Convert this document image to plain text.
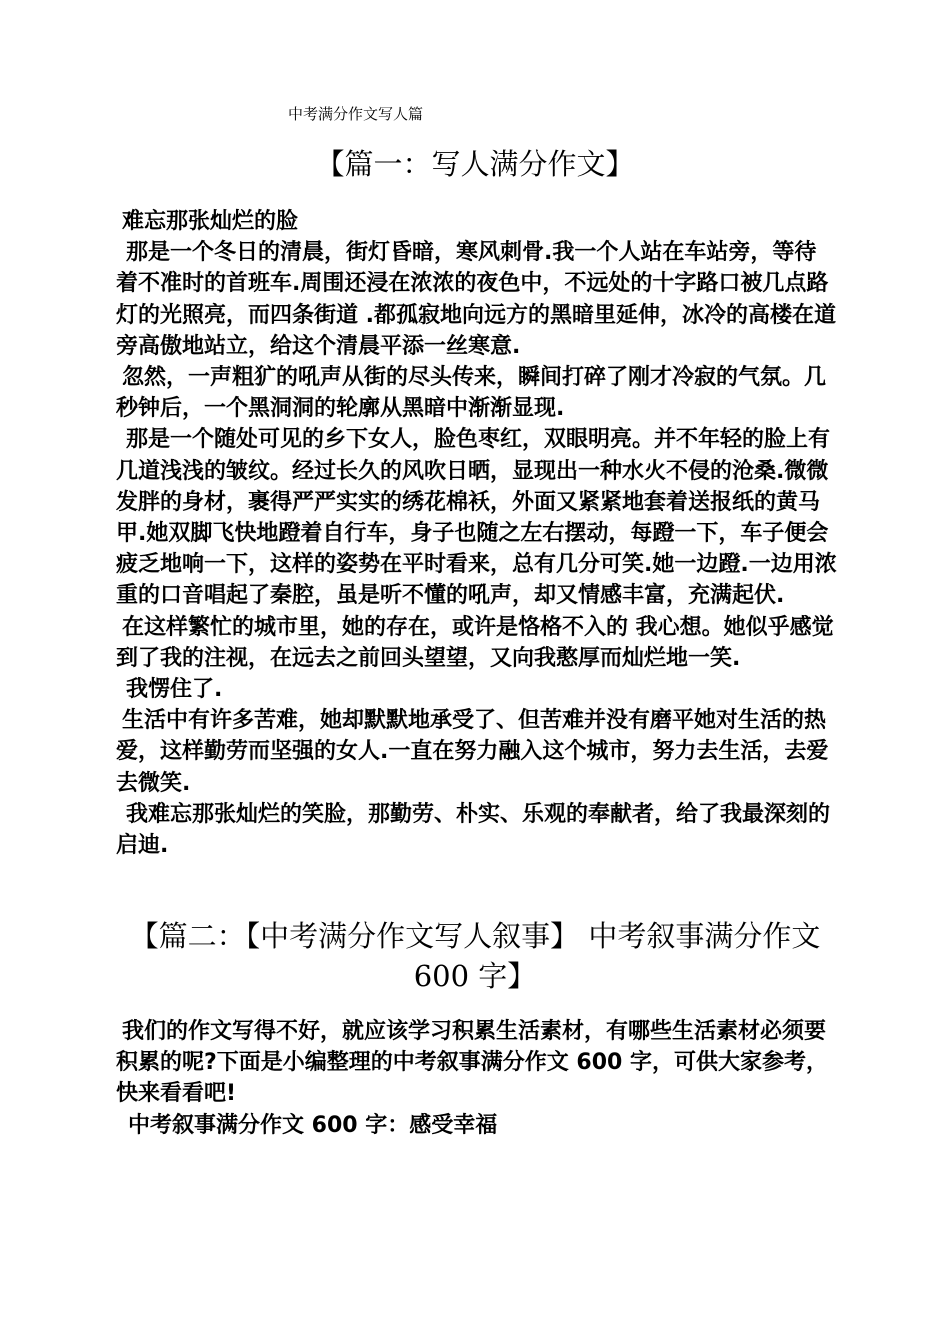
中考满分作文写人篇
【篇一：写人满分作文】

难忘那张灿烂的脸

那是一个冬日的清晨，街灯昏暗，寒风刺骨.我一个人站在车站旁，等待着不准时的首班车.周围还浸在浓浓的夜色中，不远处的十字路口被几点路灯的光照亮，而四条街道 .都孤寂地向远方的黑暗里延伸，冰冷的高楼在道旁高傲地站立，给这个清晨平添一丝寒意.

忽然，一声粗犷的吼声从街的尽头传来，瞬间打碎了刚才冷寂的气氛。几秒钟后，一个黑洞洞的轮廓从黑暗中渐渐显现.

那是一个随处可见的乡下女人，脸色枣红，双眼明亮。并不年轻的脸上有几道浅浅的皱纹。经过长久的风吹日晒，显现出一种水火不侵的沧桑.微微发胖的身材，裹得严严实实的绣花棉袄，外面又紧紧地套着送报纸的黄马甲.她双脚飞快地蹬着自行车，身子也随之左右摆动，每蹬一下，车子便会疲乏地响一下，这样的姿势在平时看来，总有几分可笑.她一边蹬.一边用浓重的口音唱起了秦腔，虽是听不懂的吼声，却又情感丰富，充满起伏.

在这样繁忙的城市里，她的存在，或许是恪格不入的 我心想。她似乎感觉到了我的注视，在远去之前回头望望，又向我憨厚而灿烂地一笑.

我愣住了.

生活中有许多苦难，她却默默地承受了、但苦难并没有磨平她对生活的热爱，这样勤劳而坚强的女人.一直在努力融入这个城市，努力去生活，去爱去微笑.

我难忘那张灿烂的笑脸，那勤劳、朴实、乐观的奉献者，给了我最深刻的启迪.

【篇二：【中考满分作文写人叙事】 中考叙事满分作文
600 字】

我们的作文写得不好，就应该学习积累生活素材，有哪些生活素材必须要积累的呢?下面是小编整理的中考叙事满分作文 600 字，可供大家参考，快来看看吧!

中考叙事满分作文 600 字：感受幸福
